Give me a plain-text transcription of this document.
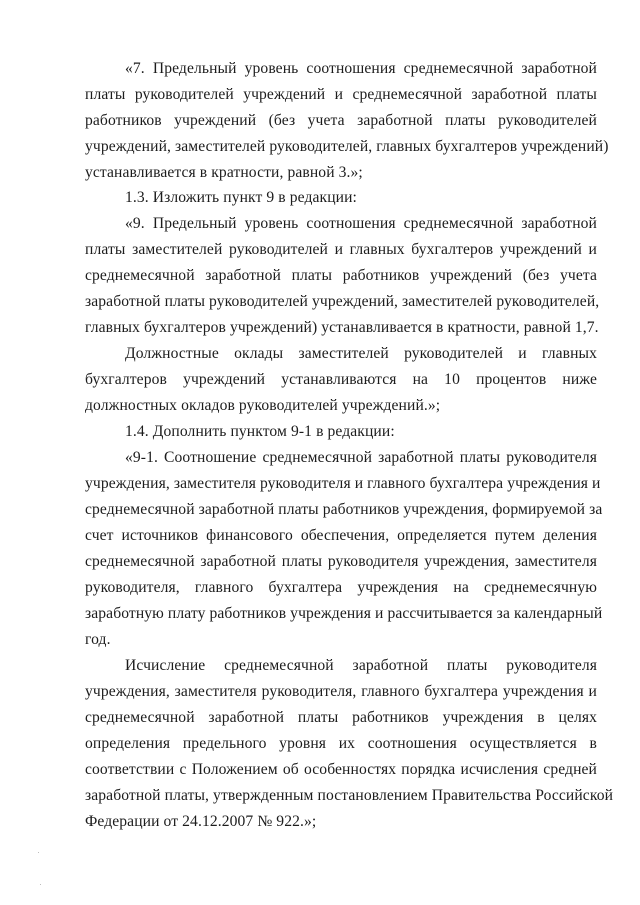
«7. Предельный уровень соотношения среднемесячной заработной
платы руководителей учреждений и среднемесячной заработной платы
работников учреждений (без учета заработной платы руководителей
учреждений, заместителей руководителей, главных бухгалтеров учреждений)
устанавливается в кратности, равной 3.»;
1.3. Изложить пункт 9 в редакции:
«9. Предельный уровень соотношения среднемесячной заработной
платы заместителей руководителей и главных бухгалтеров учреждений и
среднемесячной заработной платы работников учреждений (без учета
заработной платы руководителей учреждений, заместителей руководителей,
главных бухгалтеров учреждений) устанавливается в кратности, равной 1,7.
Должностные оклады заместителей руководителей и главных
бухгалтеров учреждений устанавливаются на 10 процентов ниже
должностных окладов руководителей учреждений.»;
1.4. Дополнить пунктом 9-1 в редакции:
«9-1. Соотношение среднемесячной заработной платы руководителя
учреждения, заместителя руководителя и главного бухгалтера учреждения и
среднемесячной заработной платы работников учреждения, формируемой за
счет источников финансового обеспечения, определяется путем деления
среднемесячной заработной платы руководителя учреждения, заместителя
руководителя, главного бухгалтера учреждения на среднемесячную
заработную плату работников учреждения и рассчитывается за календарный
год.
Исчисление среднемесячной заработной платы руководителя
учреждения, заместителя руководителя, главного бухгалтера учреждения и
среднемесячной заработной платы работников учреждения в целях
определения предельного уровня их соотношения осуществляется в
соответствии с Положением об особенностях порядка исчисления средней
заработной платы, утвержденным постановлением Правительства Российской
Федерации от 24.12.2007 № 922.»;
